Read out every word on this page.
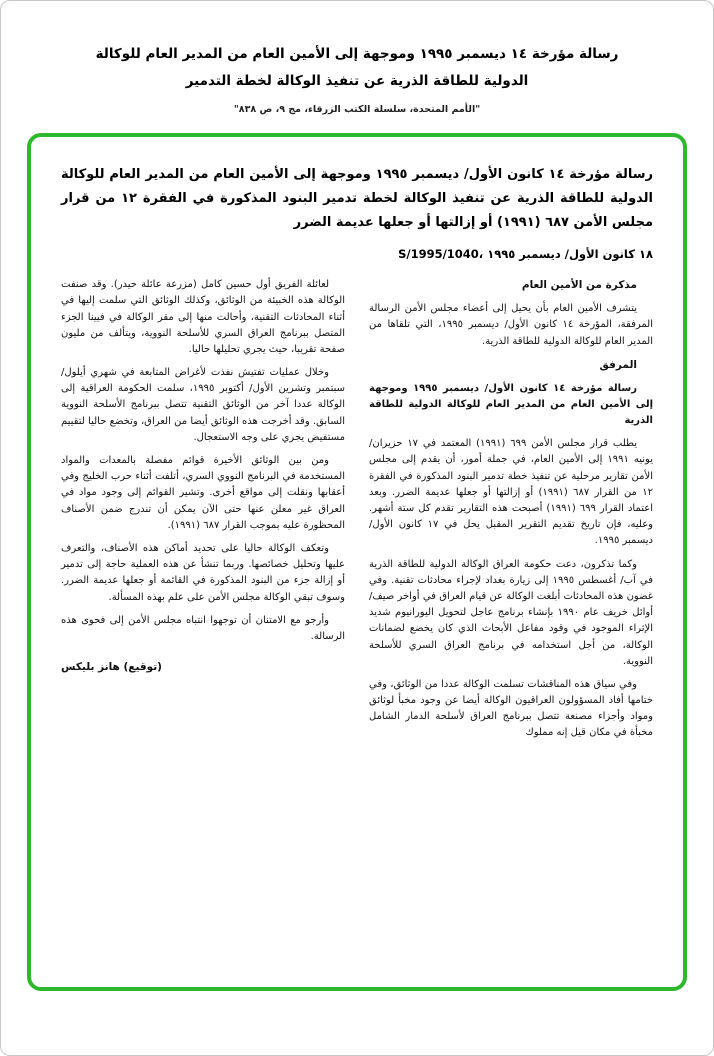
رسالة مؤرخة ١٤ ديسمبر ١٩٩٥ وموجهة إلى الأمين العام من المدير العام للوكالة
الدولية للطاقة الذرية عن تنفيذ الوكالة لخطة التدمير
"الأمم المتحدة، سلسلة الكتب الزرقاء، مج ٩، ص ٨٣٨"

رسالة مؤرخة ١٤ كانون الأول/ ديسمبر ١٩٩٥ وموجهة إلى الأمين العام من المدير العام للوكالة الدولية للطاقة الذرية عن تنفيذ الوكالة لخطة تدمير البنود المذكورة في الفقرة ١٢ من قرار مجلس الأمن ٦٨٧ (١٩٩١) أو إزالتها أو جعلها عديمة الضرر

S/1995/1040، ١٨ كانون الأول/ ديسمبر ١٩٩٥

مذكرة من الأمين العام

يتشرف الأمين العام بأن يحيل إلى أعضاء مجلس الأمن الرسالة المرفقة، المؤرخة ١٤ كانون الأول/ ديسمبر ١٩٩٥، التي تلقاها من المدير العام للوكالة الدولية للطاقة الذرية.

المرفق

رسالة مؤرخة ١٤ كانون الأول/ ديسمبر ١٩٩٥ وموجهة إلى الأمين العام من المدير العام للوكالة الدولية للطاقة الذرية

يطلب قرار مجلس الأمن ٦٩٩ (١٩٩١) المعتمد في ١٧ حزيران/ يونيه ١٩٩١ إلى الأمين العام، في جملة أمور، أن يقدم إلى مجلس الأمن تقارير مرحلية عن تنفيذ خطة تدمير البنود المذكورة في الفقرة ١٢ من القرار ٦٨٧ (١٩٩١) أو إزالتها أو جعلها عديمة الضرر. وبعد اعتماد القرار ٦٩٩ (١٩٩١) أصبحت هذه التقارير تقدم كل ستة أشهر. وعليه، فإن تاريخ تقديم التقرير المقبل يحل في ١٧ كانون الأول/ ديسمبر ١٩٩٥.

وكما تذكرون، دعت حكومة العراق الوكالة الدولية للطاقة الذرية في آب/ أغسطس ١٩٩٥ إلى زيارة بغداد لإجراء محادثات تقنية. وفي غضون هذه المحادثات أبلغت الوكالة عن قيام العراق في أواخر صيف/ أوائل خريف عام ١٩٩٠ بإنشاء برنامج عاجل لتحويل اليورانيوم شديد الإثراء الموجود في وقود مفاعل الأبحاث الذي كان يخضع لضمانات الوكالة، من أجل استخدامه في برنامج العراق السري للأسلحة النووية.

وفي سياق هذه المناقشات تسلمت الوكالة عددا من الوثائق، وفي ختامها أفاد المسؤولون العراقيون الوكالة أيضا عن وجود مخبأ لوثائق ومواد وأجزاء مصنعة تتصل ببرنامج العراق لأسلحة الدمار الشامل مخبأة في مكان قيل إنه مملوك

لعائلة الفريق أول حسين كامل (مزرعة عائلة حيدر). وقد صنفت الوكالة هذه الخبيئة من الوثائق، وكذلك الوثائق التي سلمت إليها في أثناء المحادثات التقنية، وأحالت منها إلى مقر الوكالة في فيينا الجزء المتصل ببرنامج العراق السري للأسلحة النووية، ويتألف من مليون صفحة تقريبا، حيث يجري تحليلها حاليا.

وخلال عمليات تفتيش نفذت لأغراض المتابعة في شهري أيلول/ سبتمبر وتشرين الأول/ أكتوبر ١٩٩٥، سلمت الحكومة العراقية إلى الوكالة عددا آخر من الوثائق التقنية تتصل ببرنامج الأسلحة النووية السابق. وقد أخرجت هذه الوثائق أيضا من العراق، وتخضع حاليا لتقييم مستفيض يجري على وجه الاستعجال.

ومن بين الوثائق الأخيرة قوائم مفصلة بالمعدات والمواد المستخدمة في البرنامج النووي السري، أتلفت أثناء حرب الخليج وفي أعقابها ونقلت إلى مواقع أخرى. وتشير القوائم إلى وجود مواد في العراق غير معلن عنها حتى الآن يمكن أن تندرج ضمن الأصناف المحظورة عليه بموجب القرار ٦٨٧ (١٩٩١).

وتعكف الوكالة حاليا على تحديد أماكن هذه الأصناف، والتعرف عليها وتحليل خصائصها. وربما تنشأ عن هذه العملية حاجة إلى تدمير أو إزالة جزء من البنود المذكورة في القائمة أو جعلها عديمة الضرر. وسوف تبقي الوكالة مجلس الأمن على علم بهذه المسألة.

وأرجو مع الامتنان أن توجهوا انتباه مجلس الأمن إلى فحوى هذه الرسالة.

(توقيع) هانز بليكس
